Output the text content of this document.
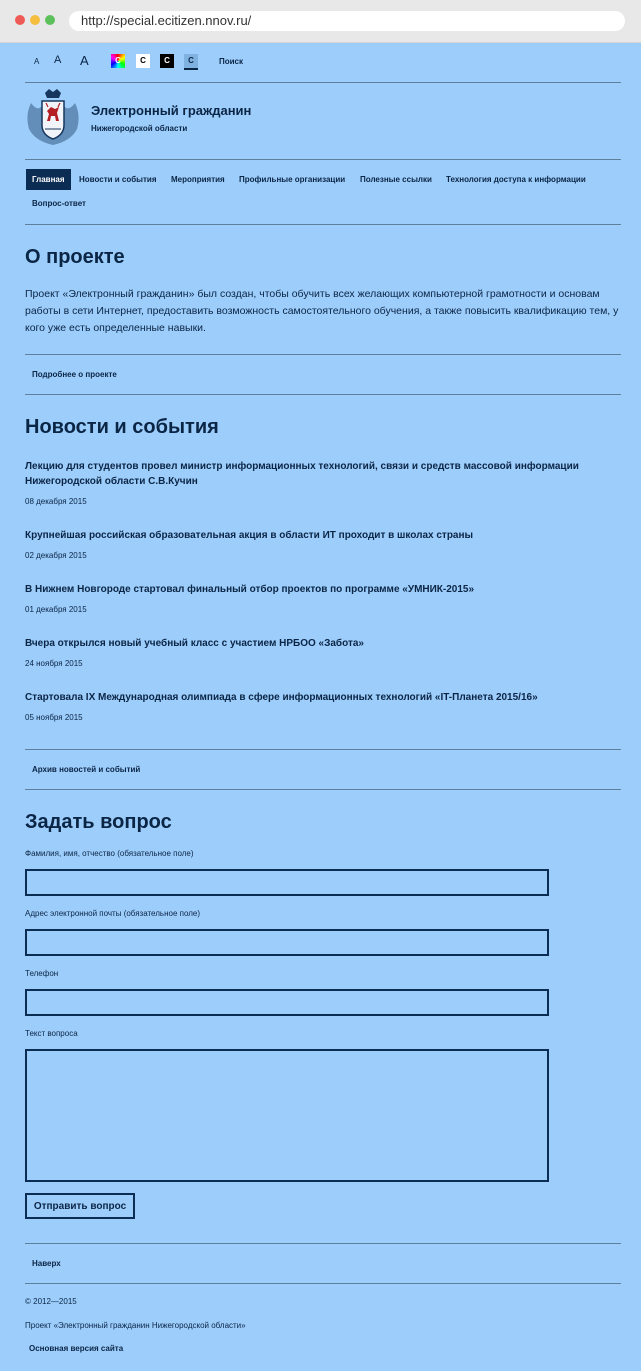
http://special.ecitizen.nnov.ru/
A A	A	C	C	C	C	Поиск
Электронный гражданин

Нижегородской области

Главная	Новости и события	Мероприятия	Профильные организации	Полезные ссылки	Технология доступа к информации
Вопрос-ответ
О проекте

Проект «Электронный гражданин» был создан, чтобы обучить всех желающих компьютерной грамотности и основам работы в сети Интернет, предоставить возможность самостоятельного обучения, а также повысить квалификацию тем, у кого уже есть определенные навыки.

Подробнее о проекте
Новости и события
Лекцию для студентов провел министр информационных технологий, связи и средств массовой информации Нижегородской области С.В.Кучин
08 декабря 2015
Крупнейшая российская образовательная акция в области ИТ проходит в школах страны
02 декабря 2015
В Нижнем Новгороде стартовал финальный отбор проектов по программе «УМНИК-2015»
01 декабря 2015
Вчера открылся новый учебный класс с участием НРБОО «Забота»
24 ноября 2015
Стартовала IX Международная олимпиада в сфере информационных технологий «IT-Планета 2015/16»
05 ноября 2015
Архив новостей и событий
Задать вопрос
Фамилия, имя, отчество (обязательное поле)
Адрес электронной почты (обязательное поле)
Телефон
Текст вопроса
Отправить вопрос
Наверх
© 2012—2015
Проект «Электронный гражданин Нижегородской области»
Основная версия сайта
